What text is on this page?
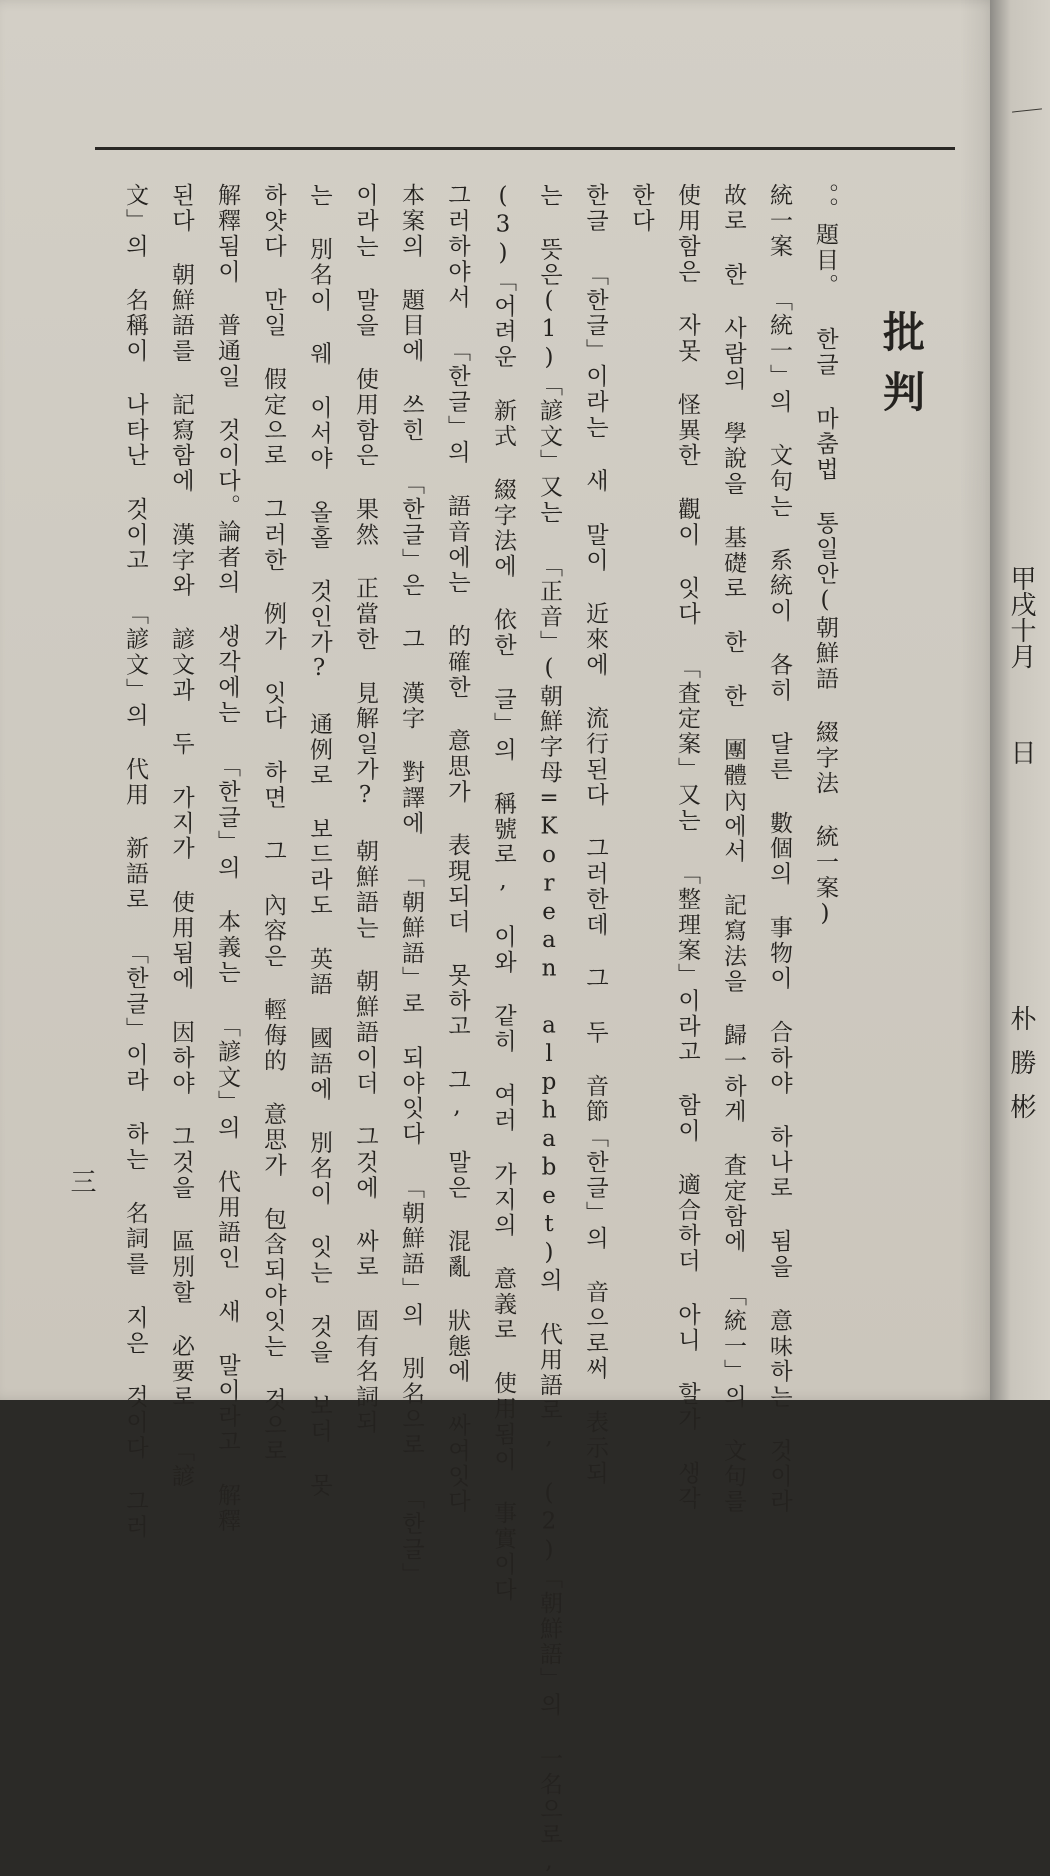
批判
。。題目。 한글 마춤법 통일안(朝鮮語 綴字法 統一案)
統一案 「統一」의 文句는 系統이 各히 달른 數個의 事物이 合하야 하나로 됨을 意味하는 것이라
故로 한 사람의 學說을 基礎로 한 한 團體內에서 記寫法을 歸一하게 査定함에 「統一」의 文句를
使用함은 자못 怪異한 觀이 잇다 「査定案」又는 「整理案」이라고 함이 適合하더 아니 할가 생각
한다
한글 「한글」이라는 새 말이 近來에 流行된다 그러한데 그 두 音節「한글」의 音으로써 表示되
는 뜻은(1)「諺文」又는 「正音」(朝鮮字母=Korean alphabet)의 代用語로, (2)「朝鮮語」의 一名으로,
(3)「어려운 新式 綴字法에 依한 글」의 稱號로, 이와 같히 여러 가지의 意義로 使用됨이 事實이다
그러하야서 「한글」의 語音에는 的確한 意思가 表現되더 못하고 그, 말은 混亂 狀態에 싸여잇다
本案의 題目에 쓰힌 「한글」은 그 漢字 對譯에 「朝鮮語」로 되야잇다 「朝鮮語」의 別名으로 「한글」
이라는 말을 使用함은 果然 正當한 見解일가? 朝鮮語는 朝鮮語이더 그것에 싸로 固有名詞되
는 別名이 웨 이서야 올홀 것인가? 通例로 보드라도 英語 國語에 別名이 잇는 것을 보더 못
하얏다 만일 假定으로 그러한 例가 잇다 하면 그 內容은 輕侮的 意思가 包含되야잇는 것으로
解釋됨이 普通일 것이다。論者의 생각에는 「한글」의 本義는 「諺文」의 代用語인 새 말이라고 解釋
된다 朝鮮語를 記寫함에 漢字와 諺文과 두 가지가 使用됨에 因하야 그것을 區別할 必要로 「諺
文」의 名稱이 나타난 것이고 「諺文」의 代用 新語로 「한글」이라 하는 名詞를 지은 것이다 그러
三
甲戌十月日
朴勝彬
